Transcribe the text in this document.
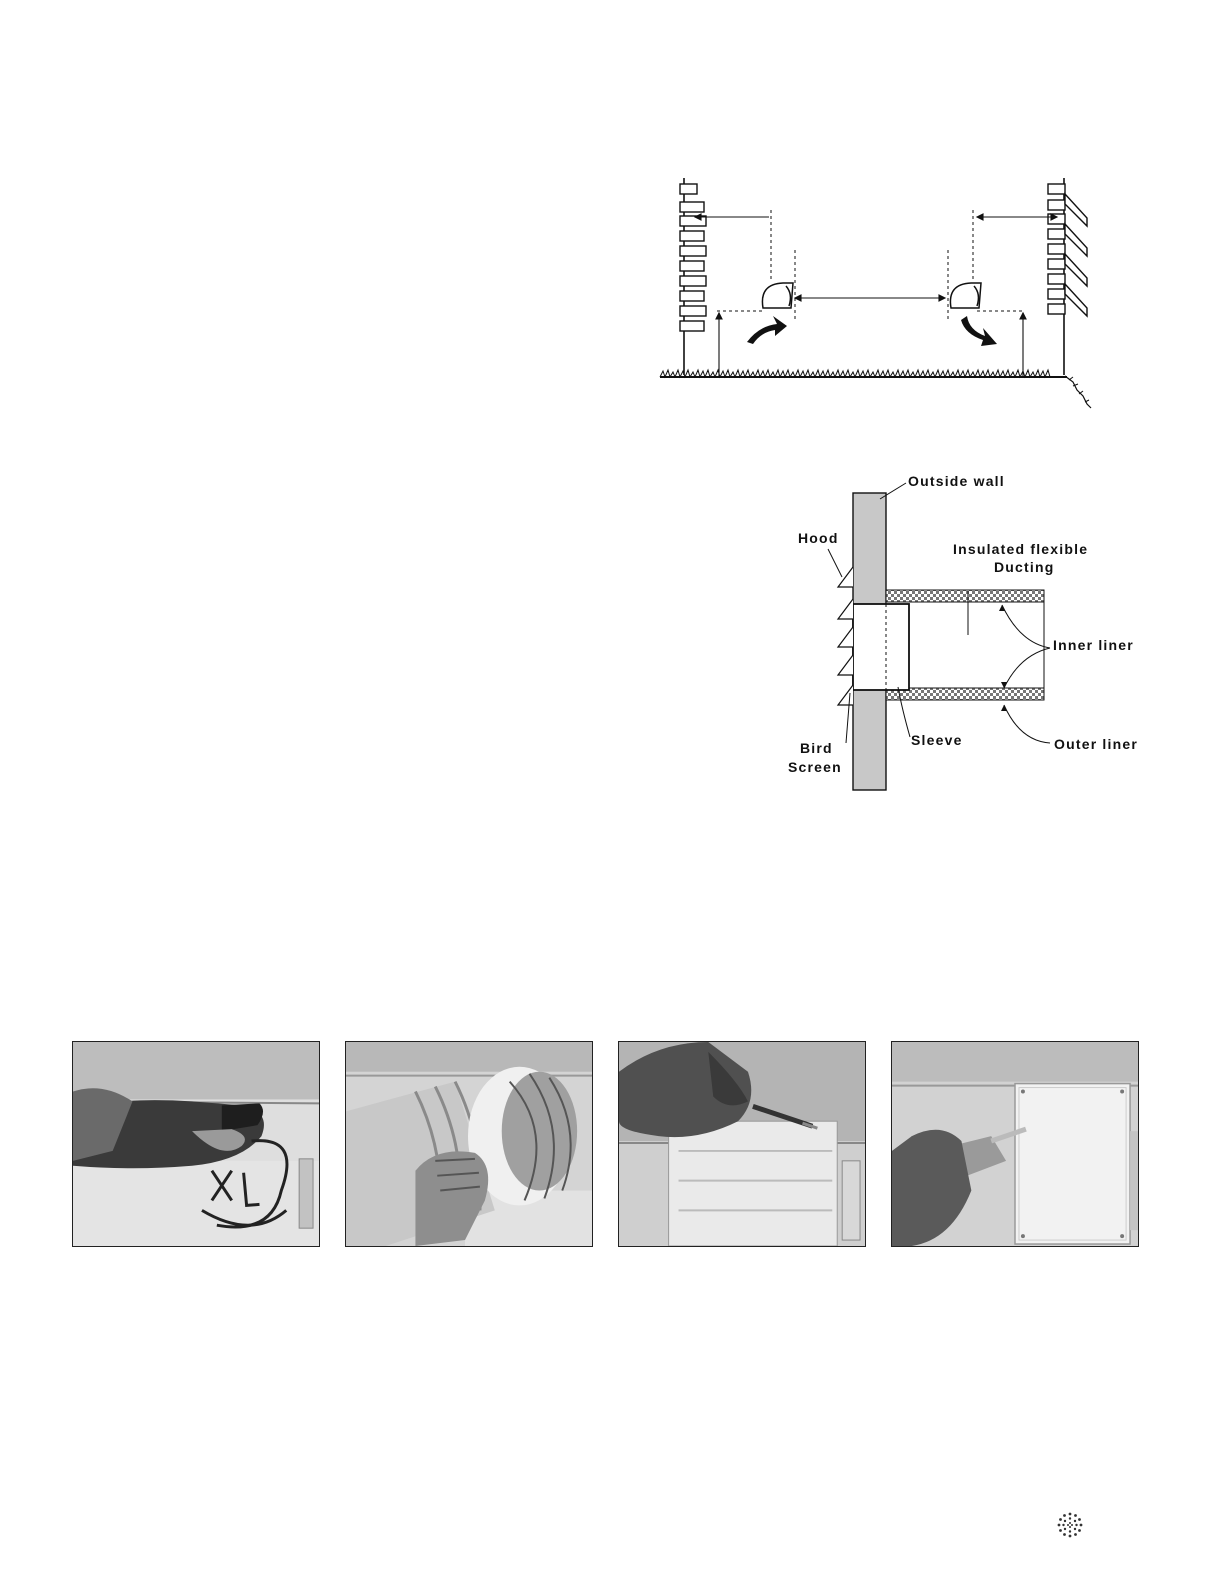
Outside wall
Hood
Insulated flexible
Ducting
Inner liner
Sleeve	Outer liner
Bird
Screen
